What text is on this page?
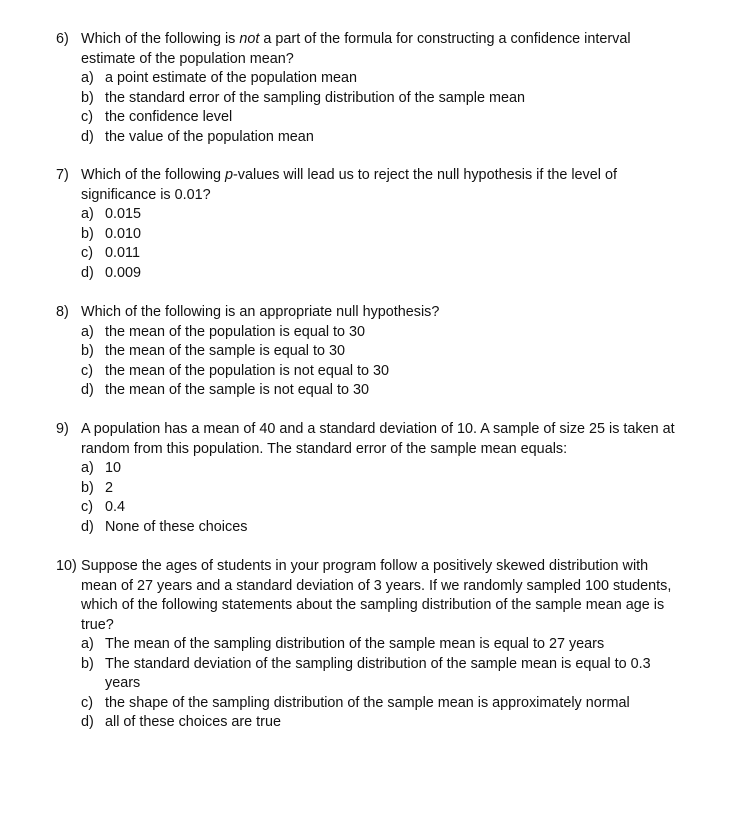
6) Which of the following is not a part of the formula for constructing a confidence interval estimate of the population mean?
a) a point estimate of the population mean
b) the standard error of the sampling distribution of the sample mean
c) the confidence level
d) the value of the population mean
7) Which of the following p-values will lead us to reject the null hypothesis if the level of significance is 0.01?
a) 0.015
b) 0.010
c) 0.011
d) 0.009
8) Which of the following is an appropriate null hypothesis?
a) the mean of the population is equal to 30
b) the mean of the sample is equal to 30
c) the mean of the population is not equal to 30
d) the mean of the sample is not equal to 30
9) A population has a mean of 40 and a standard deviation of 10. A sample of size 25 is taken at random from this population. The standard error of the sample mean equals:
a) 10
b) 2
c) 0.4
d) None of these choices
10) Suppose the ages of students in your program follow a positively skewed distribution with mean of 27 years and a standard deviation of 3 years. If we randomly sampled 100 students, which of the following statements about the sampling distribution of the sample mean age is true?
a) The mean of the sampling distribution of the sample mean is equal to 27 years
b) The standard deviation of the sampling distribution of the sample mean is equal to 0.3 years
c) the shape of the sampling distribution of the sample mean is approximately normal
d) all of these choices are true
